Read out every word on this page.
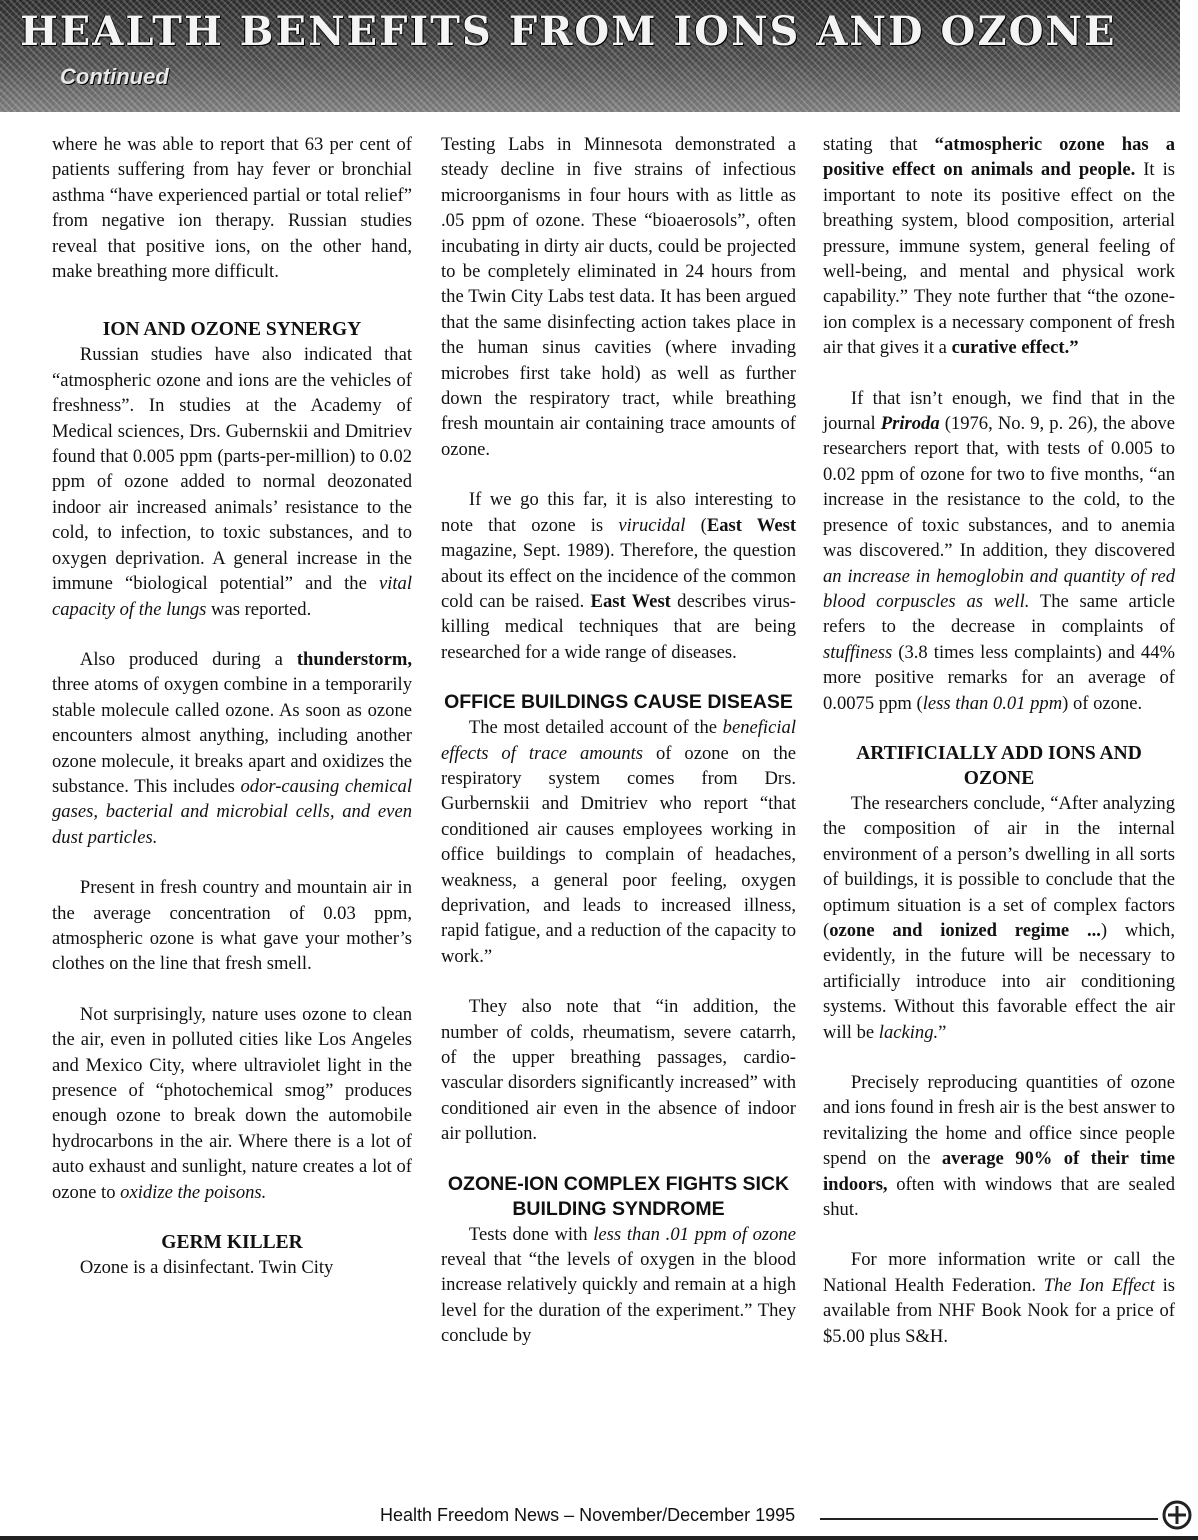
HEALTH BENEFITS FROM IONS AND OZONE
Continued

where he was able to report that 63 per cent of patients suffering from hay fever or bronchial asthma “have experienced partial or total relief” from negative ion therapy. Russian studies reveal that positive ions, on the other hand, make breathing more difficult.

ION AND OZONE SYNERGY

Russian studies have also indicated that “atmospheric ozone and ions are the vehicles of freshness”. In studies at the Academy of Medical sciences, Drs. Gubernskii and Dmitriev found that 0.005 ppm (parts-per-million) to 0.02 ppm of ozone added to normal deozonated indoor air increased animals’ resistance to the cold, to infection, to toxic substances, and to oxygen deprivation. A general increase in the immune “biological potential” and the vital capacity of the lungs was reported.

Also produced during a thunderstorm, three atoms of oxygen combine in a temporarily stable molecule called ozone. As soon as ozone encounters almost anything, including another ozone molecule, it breaks apart and oxidizes the substance. This includes odor-causing chemical gases, bacterial and microbial cells, and even dust particles.

Present in fresh country and mountain air in the average concentration of 0.03 ppm, atmospheric ozone is what gave your mother’s clothes on the line that fresh smell.

Not surprisingly, nature uses ozone to clean the air, even in polluted cities like Los Angeles and Mexico City, where ultraviolet light in the presence of “photochemical smog” produces enough ozone to break down the automobile hydrocarbons in the air. Where there is a lot of auto exhaust and sunlight, nature creates a lot of ozone to oxidize the poisons.

GERM KILLER

Ozone is a disinfectant. Twin City

Testing Labs in Minnesota demonstrated a steady decline in five strains of infectious microorganisms in four hours with as little as .05 ppm of ozone. These “bioaerosols”, often incubating in dirty air ducts, could be projected to be completely eliminated in 24 hours from the Twin City Labs test data. It has been argued that the same disinfecting action takes place in the human sinus cavities (where invading microbes first take hold) as well as further down the respiratory tract, while breathing fresh mountain air containing trace amounts of ozone.

If we go this far, it is also interesting to note that ozone is virucidal (East West magazine, Sept. 1989). Therefore, the question about its effect on the incidence of the common cold can be raised. East West describes virus-killing medical techniques that are being researched for a wide range of diseases.

OFFICE BUILDINGS CAUSE DISEASE

The most detailed account of the beneficial effects of trace amounts of ozone on the respiratory system comes from Drs. Gurbernskii and Dmitriev who report “that conditioned air causes employees working in office buildings to complain of headaches, weakness, a general poor feeling, oxygen deprivation, and leads to increased illness, rapid fatigue, and a reduction of the capacity to work.”

They also note that “in addition, the number of colds, rheumatism, severe catarrh, of the upper breathing passages, cardio-vascular disorders significantly increased” with conditioned air even in the absence of indoor air pollution.

OZONE-ION COMPLEX FIGHTS SICK BUILDING SYNDROME

Tests done with less than .01 ppm of ozone reveal that “the levels of oxygen in the blood increase relatively quickly and remain at a high level for the duration of the experiment.” They conclude by

stating that “atmospheric ozone has a positive effect on animals and people. It is important to note its positive effect on the breathing system, blood composition, arterial pressure, immune system, general feeling of well-being, and mental and physical work capability.” They note further that “the ozone-ion complex is a necessary component of fresh air that gives it a curative effect.”

If that isn’t enough, we find that in the journal Priroda (1976, No. 9, p. 26), the above researchers report that, with tests of 0.005 to 0.02 ppm of ozone for two to five months, “an increase in the resistance to the cold, to the presence of toxic substances, and to anemia was discovered.” In addition, they discovered an increase in hemoglobin and quantity of red blood corpuscles as well. The same article refers to the decrease in complaints of stuffiness (3.8 times less complaints) and 44% more positive remarks for an average of 0.0075 ppm (less than 0.01 ppm) of ozone.

ARTIFICIALLY ADD IONS AND OZONE

The researchers conclude, “After analyzing the composition of air in the internal environment of a person’s dwelling in all sorts of buildings, it is possible to conclude that the optimum situation is a set of complex factors (ozone and ionized regime ...) which, evidently, in the future will be necessary to artificially introduce into air conditioning systems. Without this favorable effect the air will be lacking.”

Precisely reproducing quantities of ozone and ions found in fresh air is the best answer to revitalizing the home and office since people spend on the average 90% of their time indoors, often with windows that are sealed shut.

For more information write or call the National Health Federation. The Ion Effect is available from NHF Book Nook for a price of $5.00 plus S&H.

Health Freedom News – November/December 1995
